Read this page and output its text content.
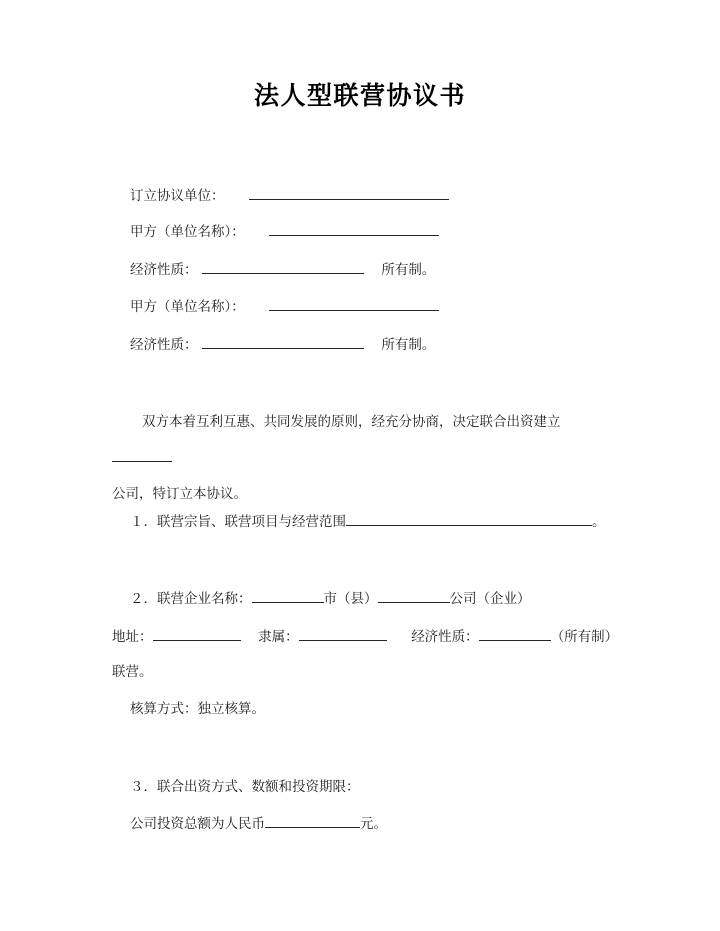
法人型联营协议书
订立协议单位：
甲方（单位名称）：
经济性质：	所有制。
甲方（单位名称）：
经济性质：	所有制。
双方本着互利互惠、共同发展的原则，经充分协商，决定联合出资建立
公司，特订立本协议。
１．联营宗旨、联营项目与经营范围	。
２．联营企业名称：	市（县）	公司（企业）
地址：	隶属：	经济性质：	（所有制）
联营。
核算方式：独立核算。
３．联合出资方式、数额和投资期限：
公司投资总额为人民币	元。
